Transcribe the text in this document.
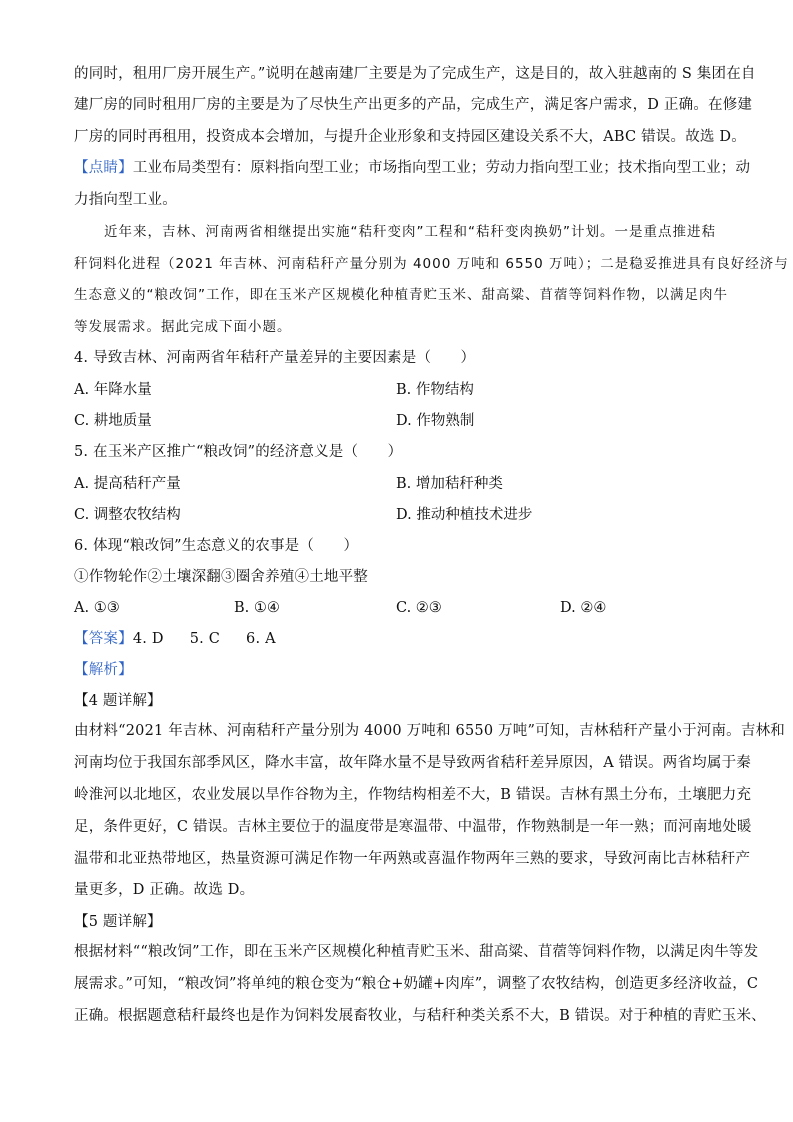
的同时，租用厂房开展生产。”说明在越南建厂主要是为了完成生产，这是目的，故入驻越南的 S 集团在自
建厂房的同时租用厂房的主要是为了尽快生产出更多的产品，完成生产，满足客户需求，D 正确。在修建
厂房的同时再租用，投资成本会增加，与提升企业形象和支持园区建设关系不大，ABC 错误。故选 D。
【点睛】工业布局类型有：原料指向型工业；市场指向型工业；劳动力指向型工业；技术指向型工业；动
力指向型工业。
近年来，吉林、河南两省相继提出实施“秸秆变肉”工程和“秸秆变肉换奶”计划。一是重点推进秸
秆饲料化进程（2021 年吉林、河南秸秆产量分别为 4000 万吨和 6550 万吨）；二是稳妥推进具有良好经济与
生态意义的“粮改饲”工作，即在玉米产区规模化种植青贮玉米、甜高粱、苜蓿等饲料作物，以满足肉牛
等发展需求。据此完成下面小题。
4. 导致吉林、河南两省年秸秆产量差异的主要因素是（　　）
A. 年降水量	B. 作物结构
C. 耕地质量	D. 作物熟制
5. 在玉米产区推广“粮改饲”的经济意义是（　　）
A. 提高秸秆产量	B. 增加秸秆种类
C. 调整农牧结构	D. 推动种植技术进步
6. 体现“粮改饲”生态意义的农事是（　　）
①作物轮作②土壤深翻③圈舍养殖④土地平整
A. ①③	B. ①④	C. ②③	D. ②④
【答案】4. D 5. C 6. A
【解析】
【4 题详解】
由材料“2021 年吉林、河南秸秆产量分别为 4000 万吨和 6550 万吨”可知，吉林秸秆产量小于河南。吉林和
河南均位于我国东部季风区，降水丰富，故年降水量不是导致两省秸秆差异原因，A 错误。两省均属于秦
岭淮河以北地区，农业发展以旱作谷物为主，作物结构相差不大，B 错误。吉林有黑土分布，土壤肥力充
足，条件更好，C 错误。吉林主要位于的温度带是寒温带、中温带，作物熟制是一年一熟；而河南地处暖
温带和北亚热带地区，热量资源可满足作物一年两熟或喜温作物两年三熟的要求，导致河南比吉林秸秆产
量更多，D 正确。故选 D。
【5 题详解】
根据材料““粮改饲”工作，即在玉米产区规模化种植青贮玉米、甜高粱、苜蓿等饲料作物，以满足肉牛等发
展需求。”可知，“粮改饲”将单纯的粮仓变为“粮仓+奶罐+肉库”，调整了农牧结构，创造更多经济收益，C
正确。根据题意秸秆最终也是作为饲料发展畜牧业，与秸秆种类关系不大，B 错误。对于种植的青贮玉米、
